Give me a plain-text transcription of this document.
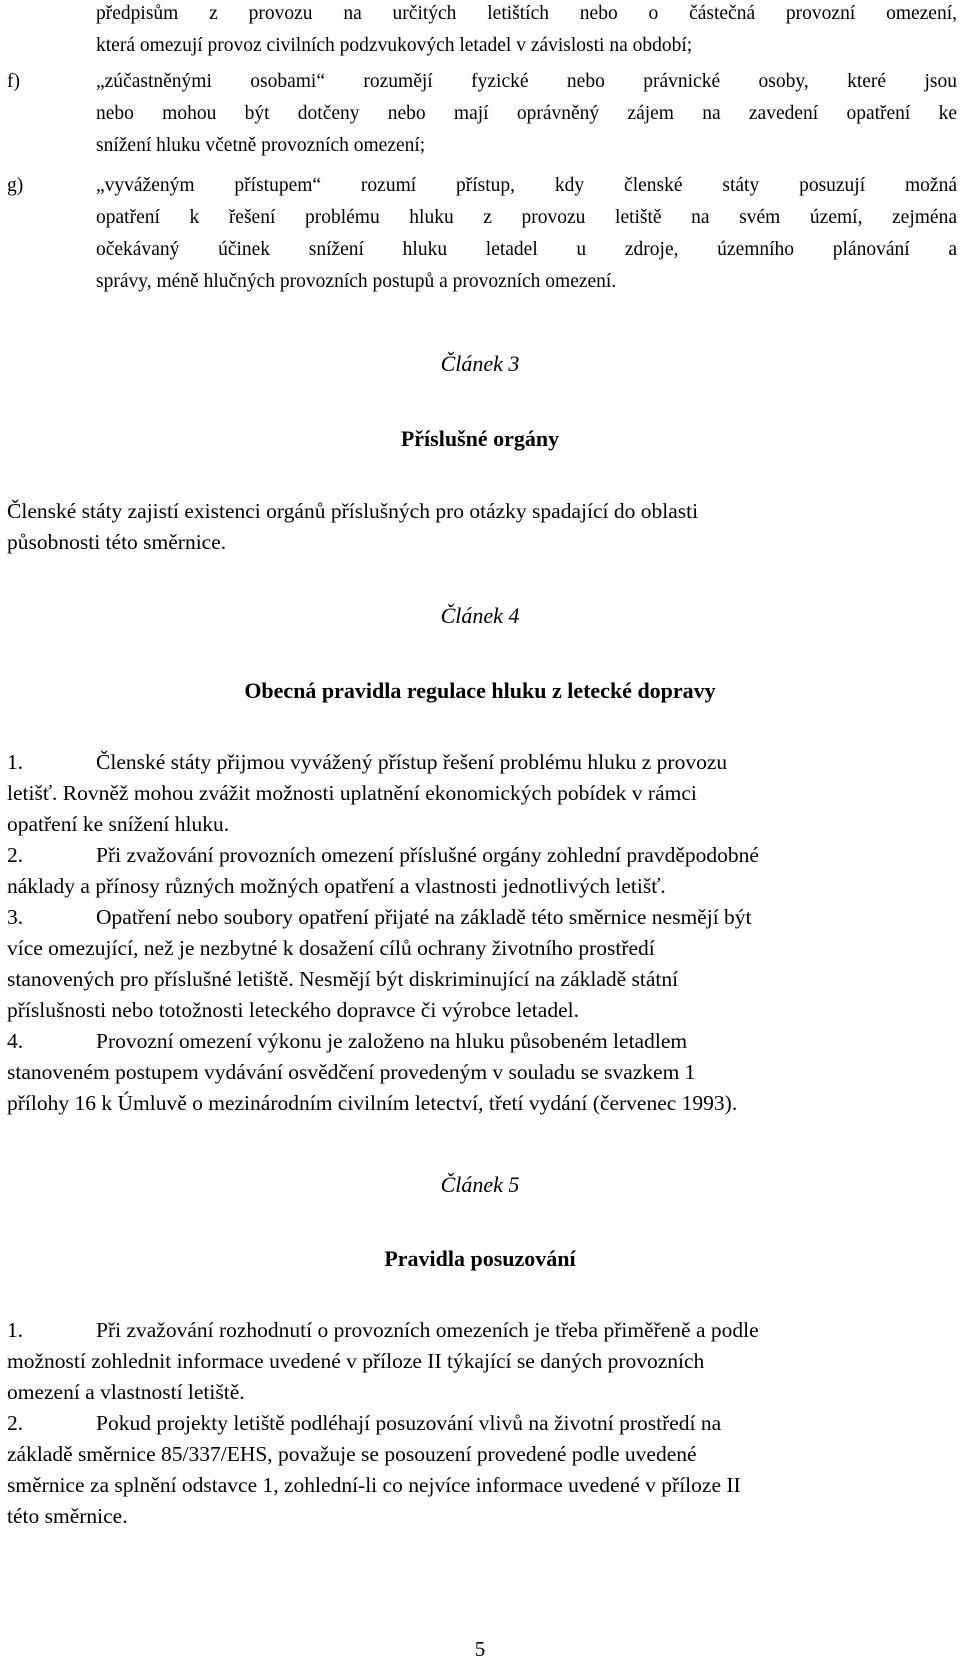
předpisům z provozu na určitých letištích nebo o částečná provozní omezení,
která omezují provoz civilních podzvukových letadel v závislosti na období;
f)	„zúčastněnými osobami“ rozumějí fyzické nebo právnické osoby, které jsou
nebo mohou být dotčeny nebo mají oprávněný zájem na zavedení opatření ke
snížení hluku včetně provozních omezení;
g)	„vyváženým přístupem“ rozumí přístup, kdy členské státy posuzují možná
opatření k řešení problému hluku z provozu letiště na svém území, zejména
očekávaný účinek snížení hluku letadel u zdroje, územního plánování a
správy, méně hlučných provozních postupů a provozních omezení.
Článek 3
Příslušné orgány
Členské státy zajistí existenci orgánů příslušných pro otázky spadající do oblasti
působnosti této směrnice.
Článek 4
Obecná pravidla regulace hluku z letecké dopravy
1.	Členské státy přijmou vyvážený přístup řešení problému hluku z provozu
letišť. Rovněž mohou zvážit možnosti uplatnění ekonomických pobídek v rámci
opatření ke snížení hluku.
2.	Při zvažování provozních omezení příslušné orgány zohlední pravděpodobné
náklady a přínosy různých možných opatření a vlastnosti jednotlivých letišť.
3.	Opatření nebo soubory opatření přijaté na základě této směrnice nesmějí být
více omezující, než je nezbytné k dosažení cílů ochrany životního prostředí
stanovených pro příslušné letiště. Nesmějí být diskriminující na základě státní
příslušnosti nebo totožnosti leteckého dopravce či výrobce letadel.
4.	Provozní omezení výkonu je založeno na hluku působeném letadlem
stanoveném postupem vydávání osvědčení provedeným v souladu se svazkem 1
přílohy 16 k Úmluvě o mezinárodním civilním letectví, třetí vydání (červenec 1993).
Článek 5
Pravidla posuzování
1.	Při zvažování rozhodnutí o provozních omezeních je třeba přiměřeně a podle
možností zohlednit informace uvedené v příloze II týkající se daných provozních
omezení a vlastností letiště.
2.	Pokud projekty letiště podléhají posuzování vlivů na životní prostředí na
základě směrnice 85/337/EHS, považuje se posouzení provedené podle uvedené
směrnice za splnění odstavce 1, zohlední-li co nejvíce informace uvedené v příloze II
této směrnice.
5
